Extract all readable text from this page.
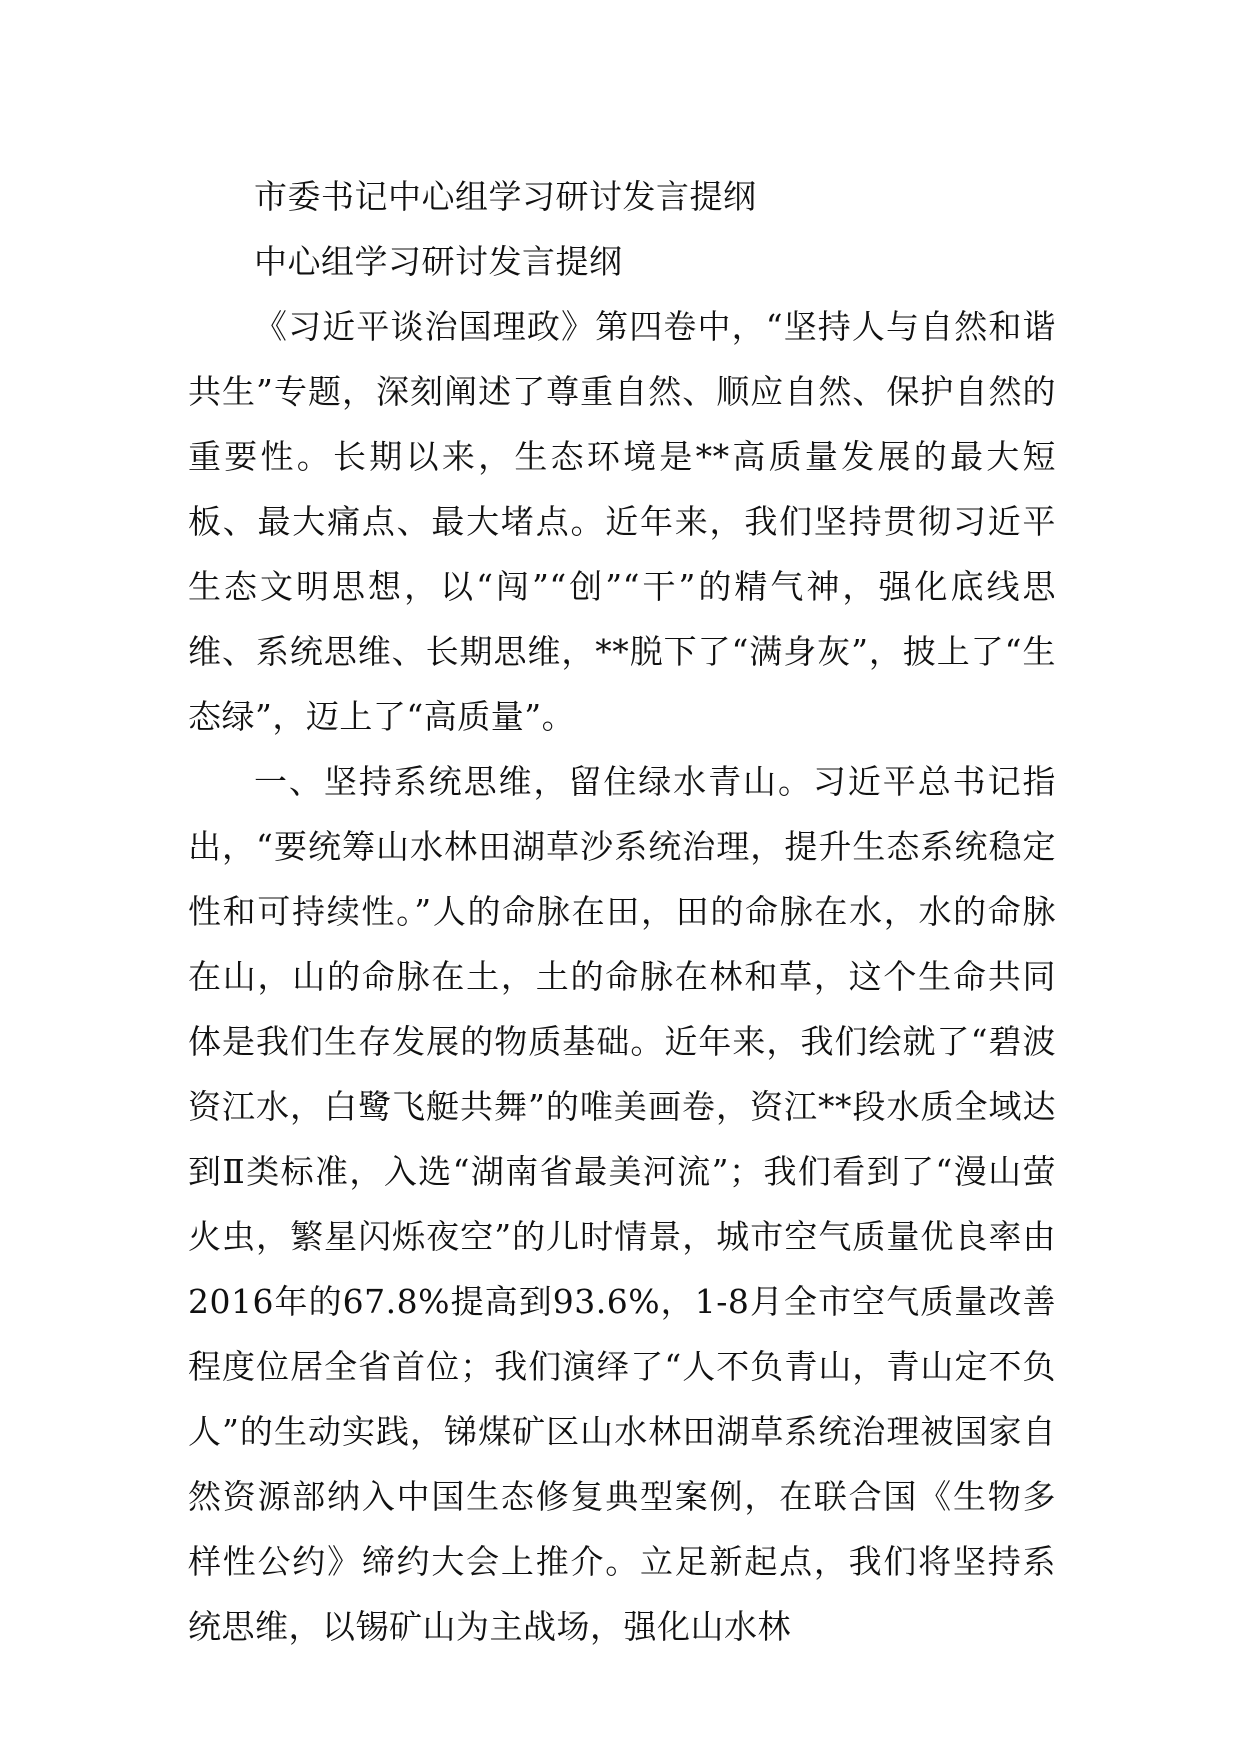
市委书记中心组学习研讨发言提纲

中心组学习研讨发言提纲

《习近平谈治国理政》第四卷中，“坚持人与自然和谐共生”专题，深刻阐述了尊重自然、顺应自然、保护自然的重要性。长期以来，生态环境是**高质量发展的最大短板、最大痛点、最大堵点。近年来，我们坚持贯彻习近平生态文明思想，以“闯”“创”“干”的精气神，强化底线思维、系统思维、长期思维，**脱下了“满身灰”，披上了“生态绿”，迈上了“高质量”。

一、坚持系统思维，留住绿水青山。习近平总书记指出，“要统筹山水林田湖草沙系统治理，提升生态系统稳定性和可持续性。”人的命脉在田，田的命脉在水，水的命脉在山，山的命脉在土，土的命脉在林和草，这个生命共同体是我们生存发展的物质基础。近年来，我们绘就了“碧波资江水，白鹭飞艇共舞”的唯美画卷，资江**段水质全域达到Ⅱ类标准，入选“湖南省最美河流”；我们看到了“漫山萤火虫，繁星闪烁夜空”的儿时情景，城市空气质量优良率由2016年的67.8%提高到93.6%，1-8月全市空气质量改善程度位居全省首位；我们演绎了“人不负青山，青山定不负人”的生动实践，锑煤矿区山水林田湖草系统治理被国家自然资源部纳入中国生态修复典型案例，在联合国《生物多样性公约》缔约大会上推介。立足新起点，我们将坚持系统思维，以锡矿山为主战场，强化山水林
